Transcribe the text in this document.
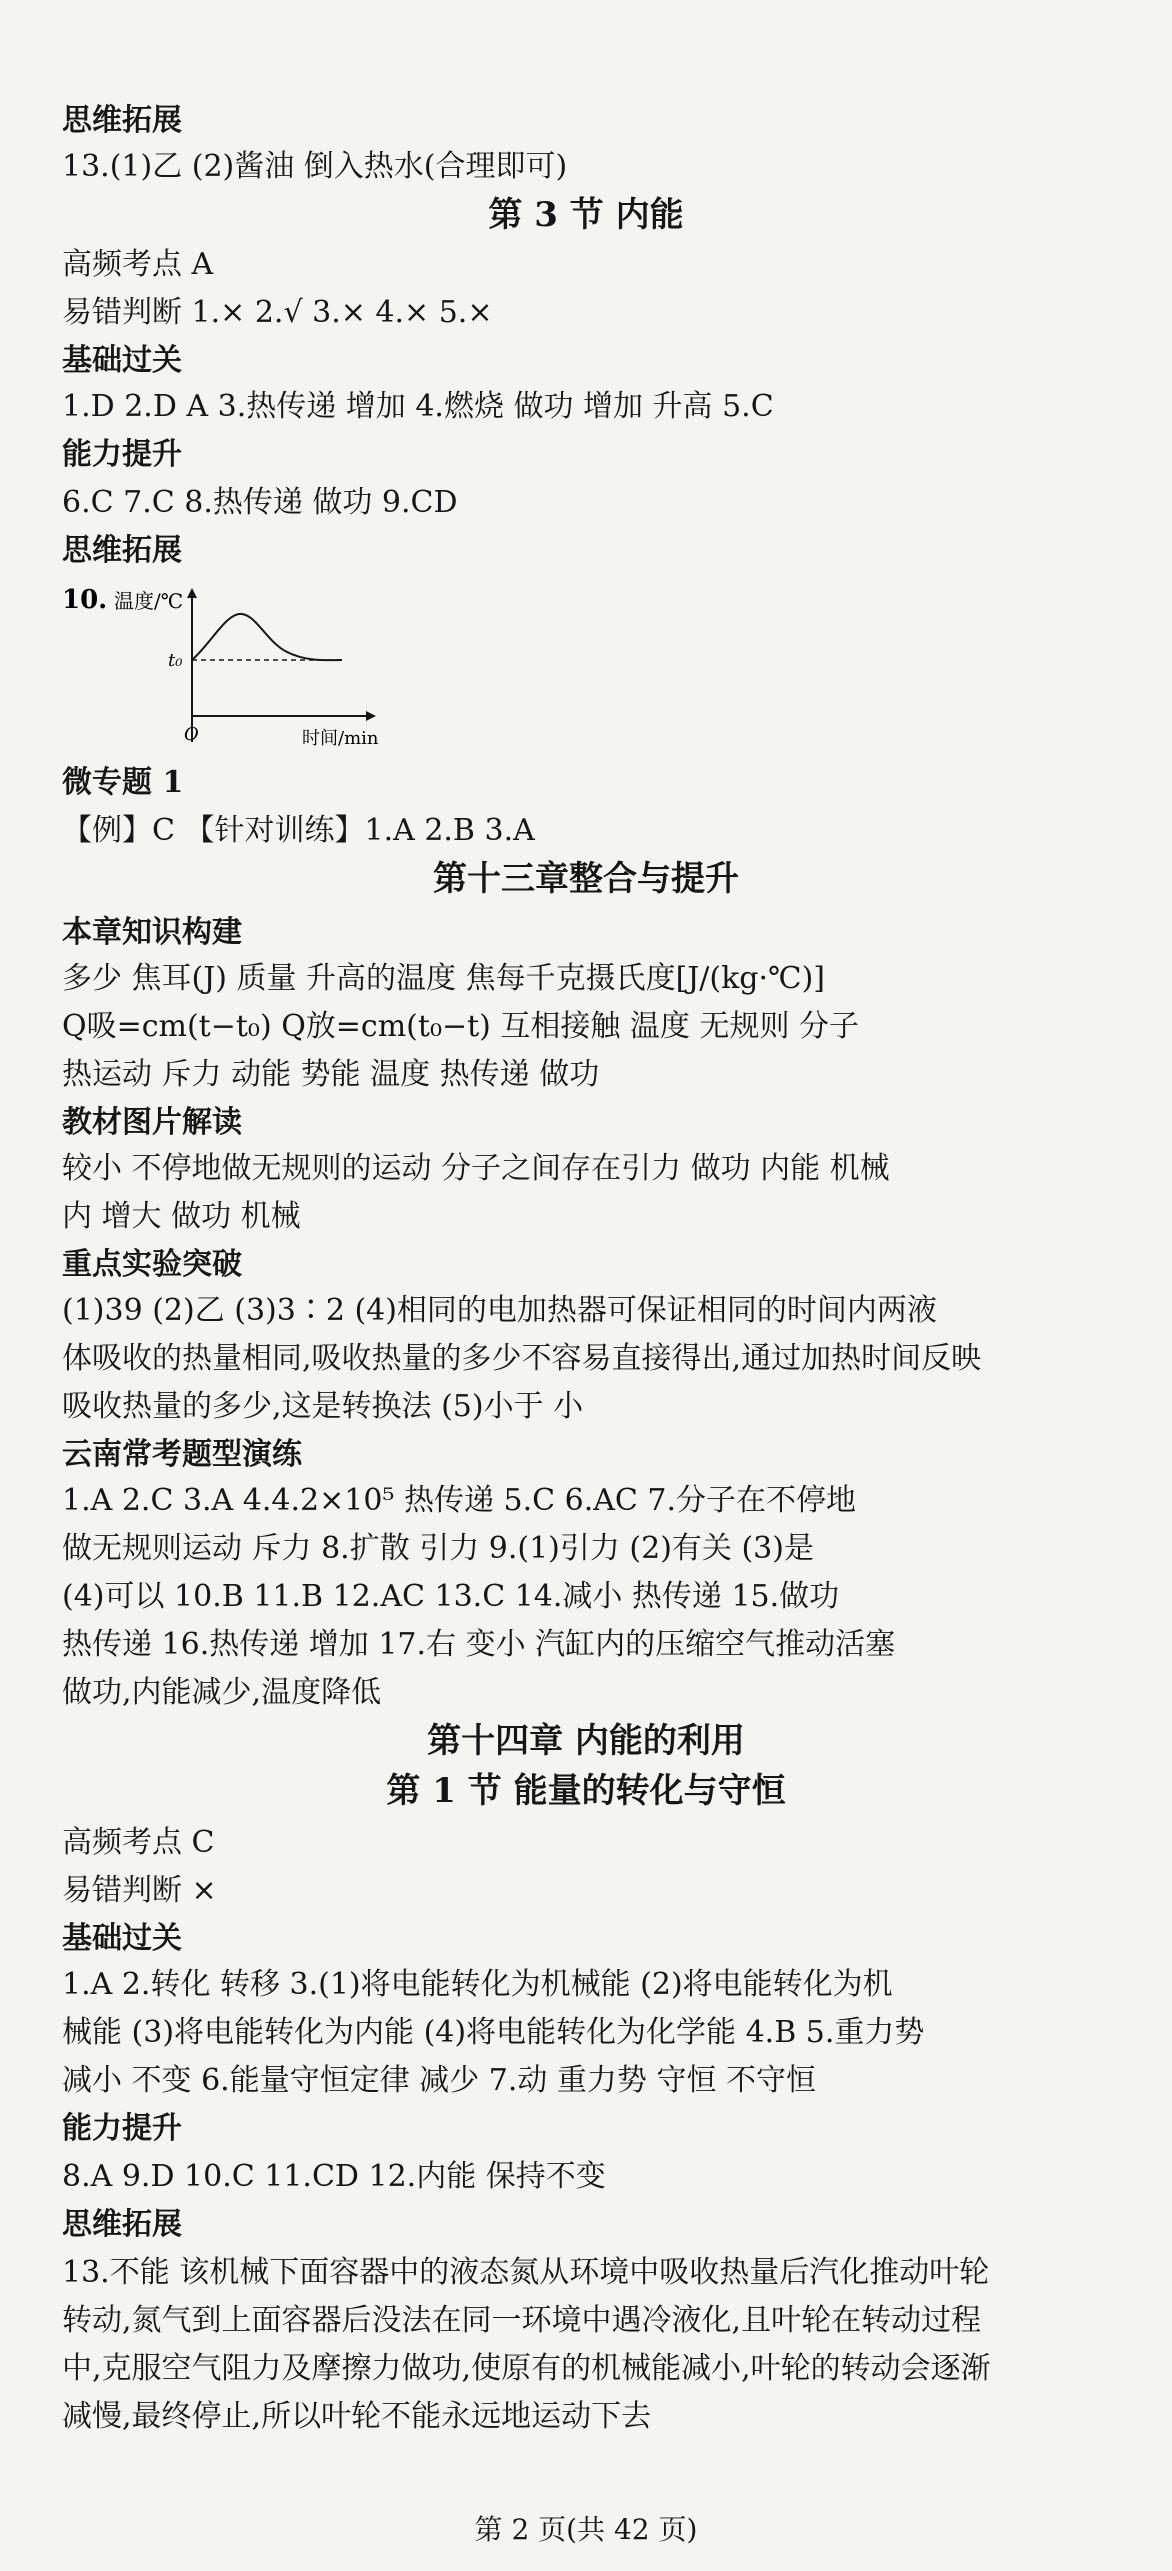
思维拓展
13.(1)乙 (2)酱油 倒入热水(合理即可)
第 3 节 内能
高频考点 A
易错判断 1.× 2.√ 3.× 4.× 5.×
基础过关
1.D 2.D A 3.热传递 增加 4.燃烧 做功 增加 升高 5.C
能力提升
6.C 7.C 8.热传递 做功 9.CD
思维拓展
10. 温度/℃
t₀
O	时间/min
微专题 1
【例】C 【针对训练】1.A 2.B 3.A
第十三章整合与提升
本章知识构建
多少 焦耳(J) 质量 升高的温度 焦每千克摄氏度[J/(kg·℃)]
Q吸=cm(t−t₀) Q放=cm(t₀−t) 互相接触 温度 无规则 分子
热运动 斥力 动能 势能 温度 热传递 做功
教材图片解读
较小 不停地做无规则的运动 分子之间存在引力 做功 内能 机械
内 增大 做功 机械
重点实验突破
(1)39 (2)乙 (3)3∶2 (4)相同的电加热器可保证相同的时间内两液
体吸收的热量相同,吸收热量的多少不容易直接得出,通过加热时间反映
吸收热量的多少,这是转换法 (5)小于 小
云南常考题型演练
1.A 2.C 3.A 4.4.2×10⁵ 热传递 5.C 6.AC 7.分子在不停地
做无规则运动 斥力 8.扩散 引力 9.(1)引力 (2)有关 (3)是
(4)可以 10.B 11.B 12.AC 13.C 14.减小 热传递 15.做功
热传递 16.热传递 增加 17.右 变小 汽缸内的压缩空气推动活塞
做功,内能减少,温度降低
第十四章 内能的利用
第 1 节 能量的转化与守恒
高频考点 C
易错判断 ×
基础过关
1.A 2.转化 转移 3.(1)将电能转化为机械能 (2)将电能转化为机
械能 (3)将电能转化为内能 (4)将电能转化为化学能 4.B 5.重力势
减小 不变 6.能量守恒定律 减少 7.动 重力势 守恒 不守恒
能力提升
8.A 9.D 10.C 11.CD 12.内能 保持不变
思维拓展
13.不能 该机械下面容器中的液态氮从环境中吸收热量后汽化推动叶轮
转动,氮气到上面容器后没法在同一环境中遇冷液化,且叶轮在转动过程
中,克服空气阻力及摩擦力做功,使原有的机械能减小,叶轮的转动会逐渐
减慢,最终停止,所以叶轮不能永远地运动下去
第 2 页(共 42 页)
